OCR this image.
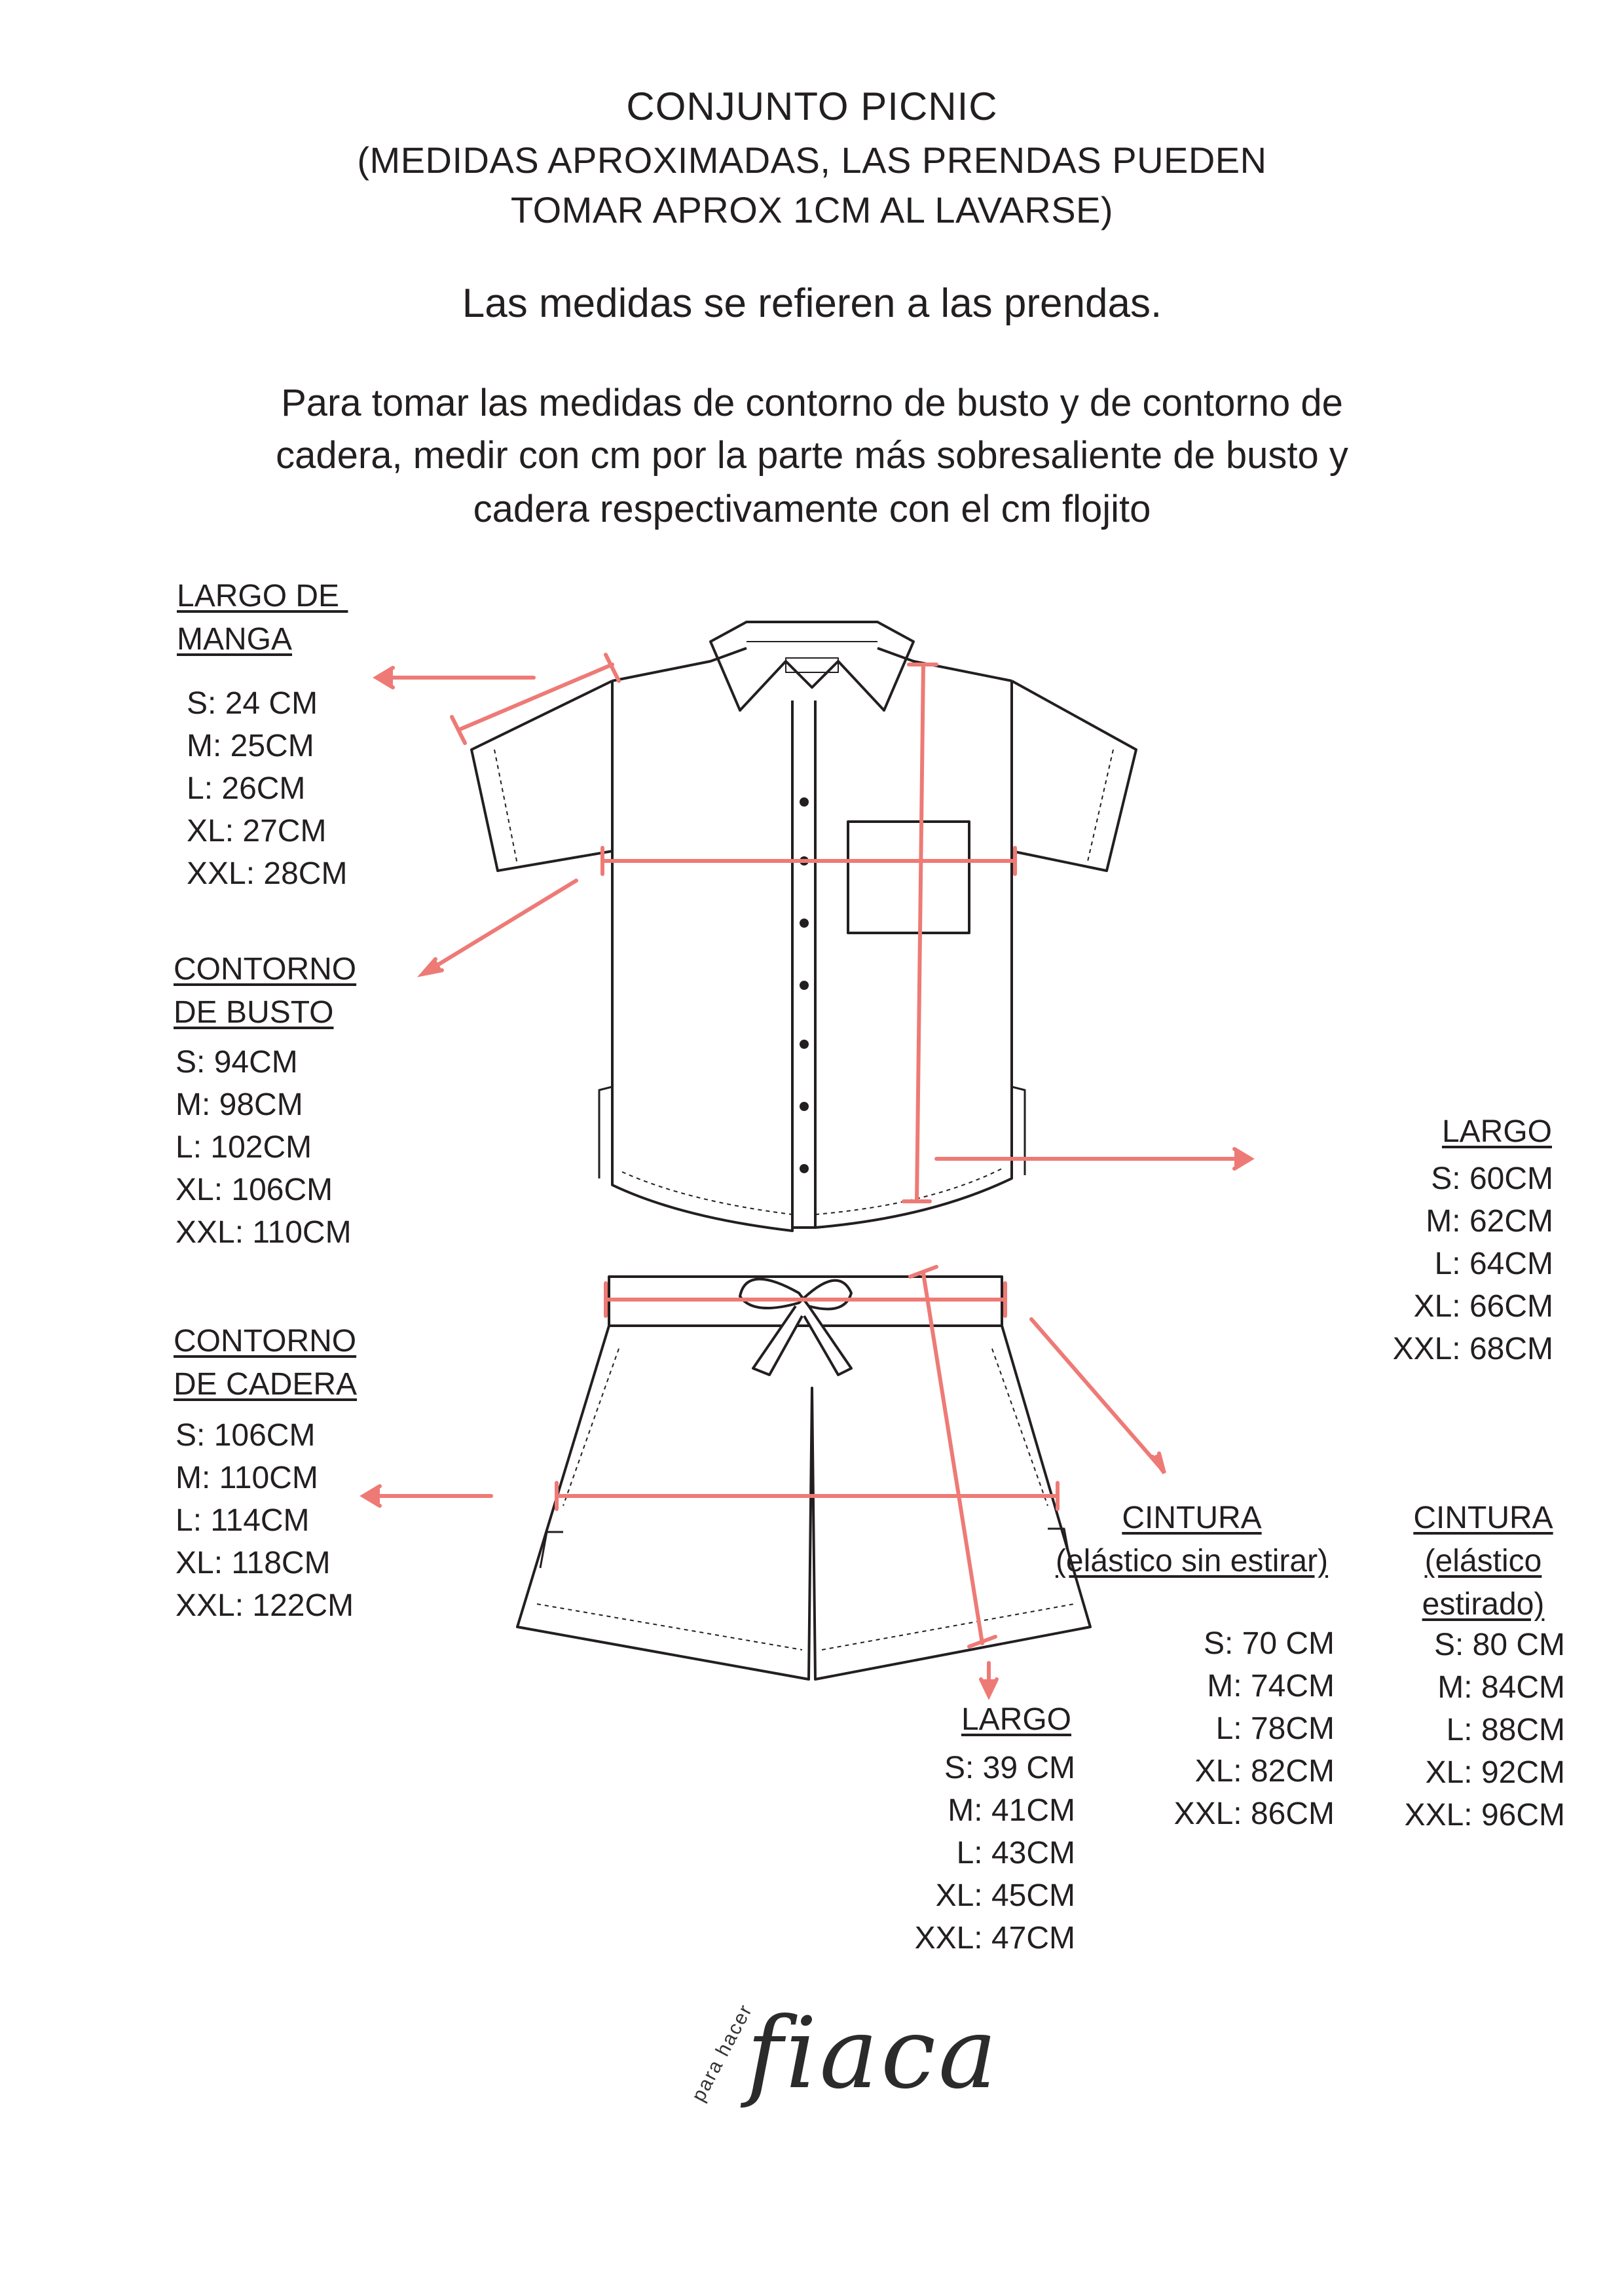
CONJUNTO PICNIC
(MEDIDAS APROXIMADAS, LAS PRENDAS PUEDEN
TOMAR APROX 1CM AL LAVARSE)
Las medidas se refieren a las prendas.
Para tomar las medidas de contorno de busto y de contorno de
cadera, medir con cm por la parte más sobresaliente de busto y
cadera respectivamente con el cm flojito
LARGO DE
MANGA
S: 24 CM
M: 25CM
L: 26CM
XL: 27CM
XXL: 28CM
CONTORNO
DE BUSTO
S: 94CM
M: 98CM
L: 102CM
XL: 106CM
XXL: 110CM
LARGO
S: 60CM
M: 62CM
L: 64CM
XL: 66CM
XXL: 68CM
CONTORNO
DE CADERA
S: 106CM
M: 110CM
L: 114CM
XL: 118CM
XXL: 122CM
CINTURA
(elástico sin estirar)
S: 70 CM
M: 74CM
L: 78CM
XL: 82CM
XXL: 86CM
CINTURA
(elástico
estirado)
S: 80 CM
M: 84CM
L: 88CM
XL: 92CM
XXL: 96CM
LARGO
S: 39 CM
M: 41CM
L: 43CM
XL: 45CM
XXL: 47CM
para hacer
fiaca
